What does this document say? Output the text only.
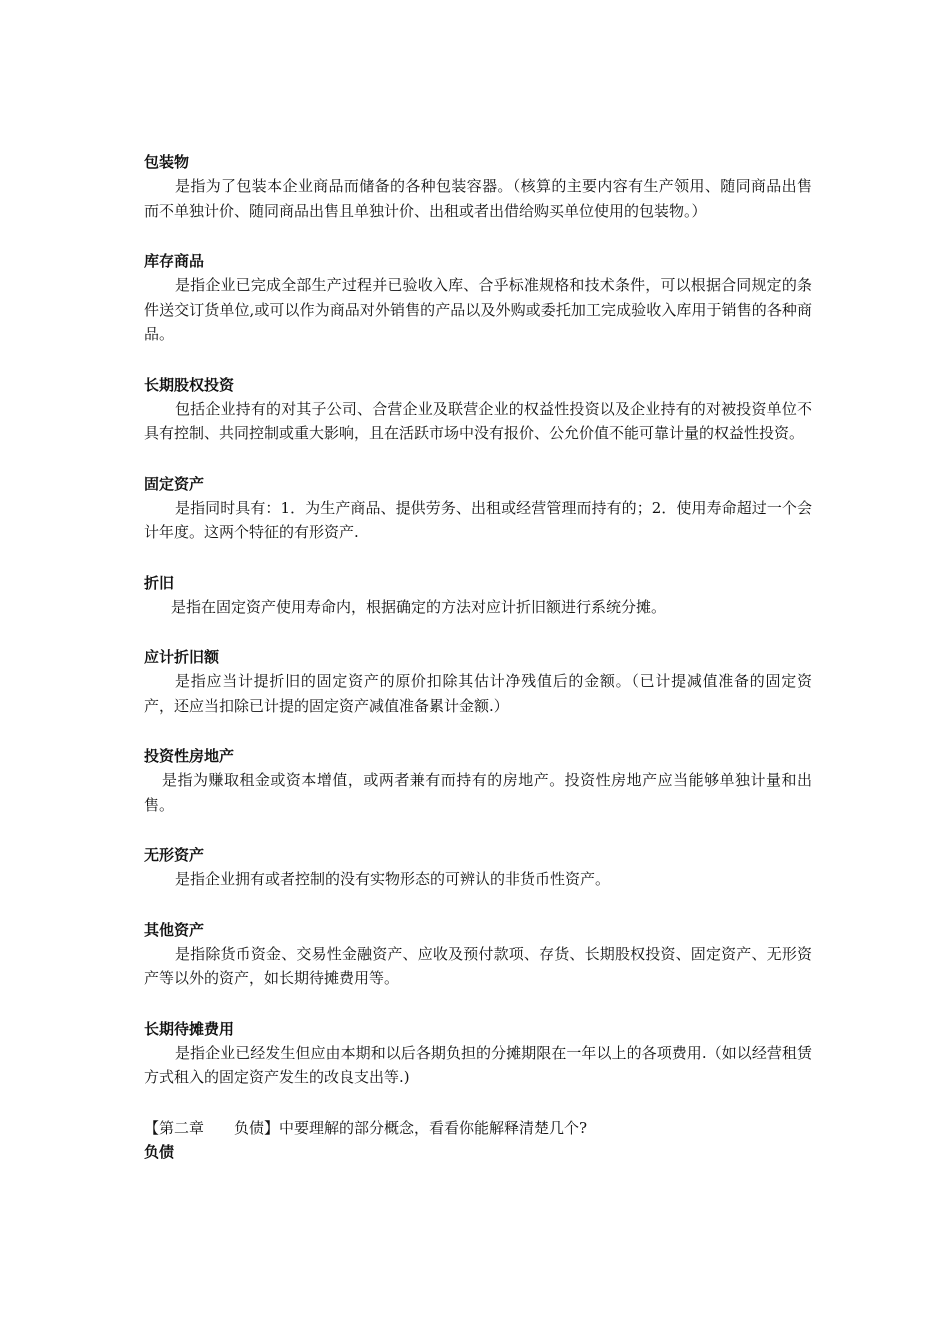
包装物

是指为了包装本企业商品而储备的各种包装容器。（核算的主要内容有生产领用、随同商品出售而不单独计价、随同商品出售且单独计价、出租或者出借给购买单位使用的包装物。）

库存商品

是指企业已完成全部生产过程并已验收入库、合乎标准规格和技术条件，可以根据合同规定的条件送交订货单位,或可以作为商品对外销售的产品以及外购或委托加工完成验收入库用于销售的各种商品。

长期股权投资

包括企业持有的对其子公司、合营企业及联营企业的权益性投资以及企业持有的对被投资单位不具有控制、共同控制或重大影响，且在活跃市场中没有报价、公允价值不能可靠计量的权益性投资。

固定资产

是指同时具有：1．为生产商品、提供劳务、出租或经营管理而持有的；2．使用寿命超过一个会计年度。这两个特征的有形资产.

折旧

是指在固定资产使用寿命内，根据确定的方法对应计折旧额进行系统分摊。

应计折旧额

是指应当计提折旧的固定资产的原价扣除其估计净残值后的金额。（已计提减值准备的固定资产，还应当扣除已计提的固定资产减值准备累计金额.）

投资性房地产

是指为赚取租金或资本增值，或两者兼有而持有的房地产。投资性房地产应当能够单独计量和出售。

无形资产

是指企业拥有或者控制的没有实物形态的可辨认的非货币性资产。

其他资产

是指除货币资金、交易性金融资产、应收及预付款项、存货、长期股权投资、固定资产、无形资产等以外的资产，如长期待摊费用等。

长期待摊费用

是指企业已经发生但应由本期和以后各期负担的分摊期限在一年以上的各项费用.（如以经营租赁方式租入的固定资产发生的改良支出等.)

【第二章　　负债】中要理解的部分概念，看看你能解释清楚几个?

负债
